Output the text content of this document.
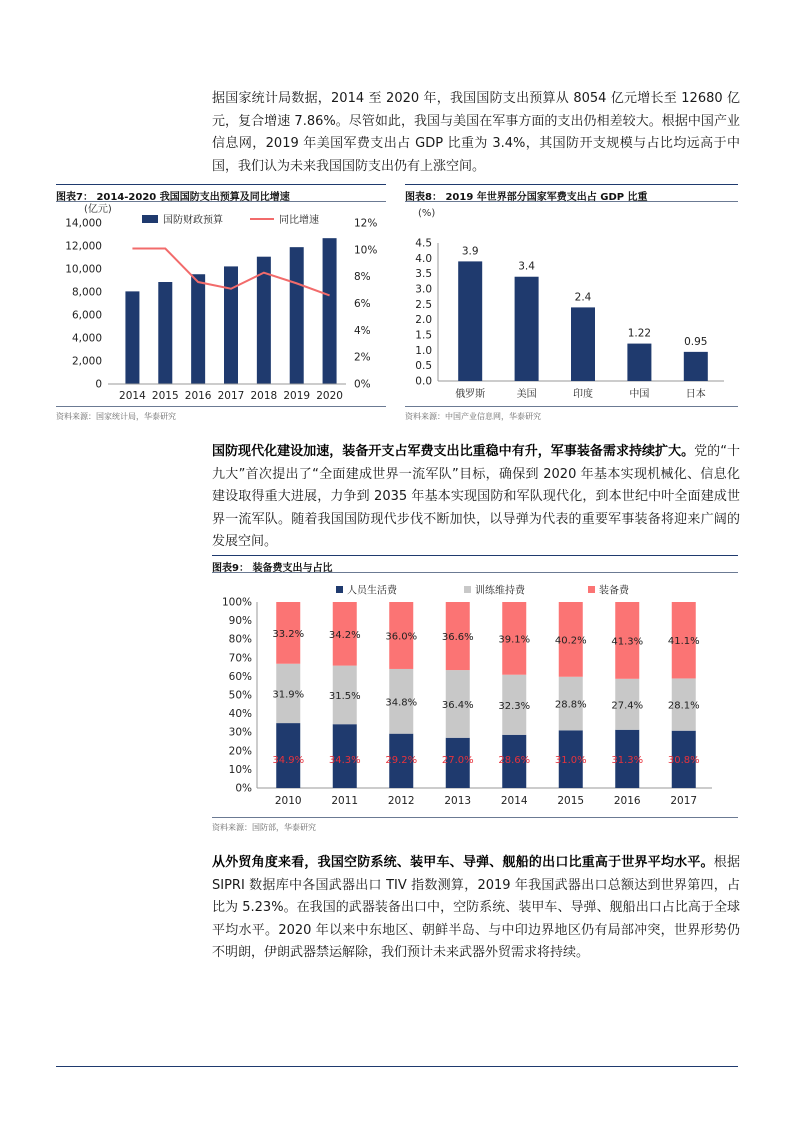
据国家统计局数据，2014 至 2020 年，我国国防支出预算从 8054 亿元增长至 12680 亿元，复合增速 7.86%。尽管如此，我国与美国在军事方面的支出仍相差较大。根据中国产业信息网，2019 年美国军费支出占 GDP 比重为 3.4%，其国防开支规模与占比均远高于中国，我们认为未来我国国防支出仍有上涨空间。

图表7： 2014-2020 我国国防支出预算及同比增速
(亿元)
0
2,000
4,000
6,000
8,000
10,000
12,000
14,000
0%
2%
4%
6%
8%
10%
12%
2014 2015 2016 2017 2018 2019 2020
国防财政预算	同比增速
资料来源：国家统计局，华泰研究
图表8： 2019 年世界部分国家军费支出占 GDP 比重
(%)
0.0
0.5
1.0
1.5
2.0
2.5
3.0
3.5
4.0
4.5
3.9
俄罗斯
3.4
美国
2.4
印度
1.22
中国
0.95
日本
资料来源：中国产业信息网，华泰研究

国防现代化建设加速，装备开支占军费支出比重稳中有升，军事装备需求持续扩大。党的“十九大”首次提出了“全面建成世界一流军队”目标，确保到 2020 年基本实现机械化、信息化建设取得重大进展，力争到 2035 年基本实现国防和军队现代化，到本世纪中叶全面建成世界一流军队。随着我国国防现代步伐不断加快，以导弹为代表的重要军事装备将迎来广阔的发展空间。

图表9： 装备费支出与占比
0%
10%
20%
30%
40%
50%
60%
70%
80%
90%
100%
34.9%
31.9%
33.2%
2010
34.3%
31.5%
34.2%
2011
29.2%
34.8%
36.0%
2012
27.0%
36.4%
36.6%
2013
28.6%
32.3%
39.1%
2014
31.0%
28.8%
40.2%
2015
31.3%
27.4%
41.3%
2016
30.8%
28.1%
41.1%
2017
人员生活费	训练维持费	装备费
资料来源：国防部，华泰研究

从外贸角度来看，我国空防系统、装甲车、导弹、舰船的出口比重高于世界平均水平。根据 SIPRI 数据库中各国武器出口 TIV 指数测算，2019 年我国武器出口总额达到世界第四，占比为 5.23%。在我国的武器装备出口中，空防系统、装甲车、导弹、舰船出口占比高于全球平均水平。2020 年以来中东地区、朝鲜半岛、与中印边界地区仍有局部冲突，世界形势仍不明朗，伊朗武器禁运解除，我们预计未来武器外贸需求将持续。
